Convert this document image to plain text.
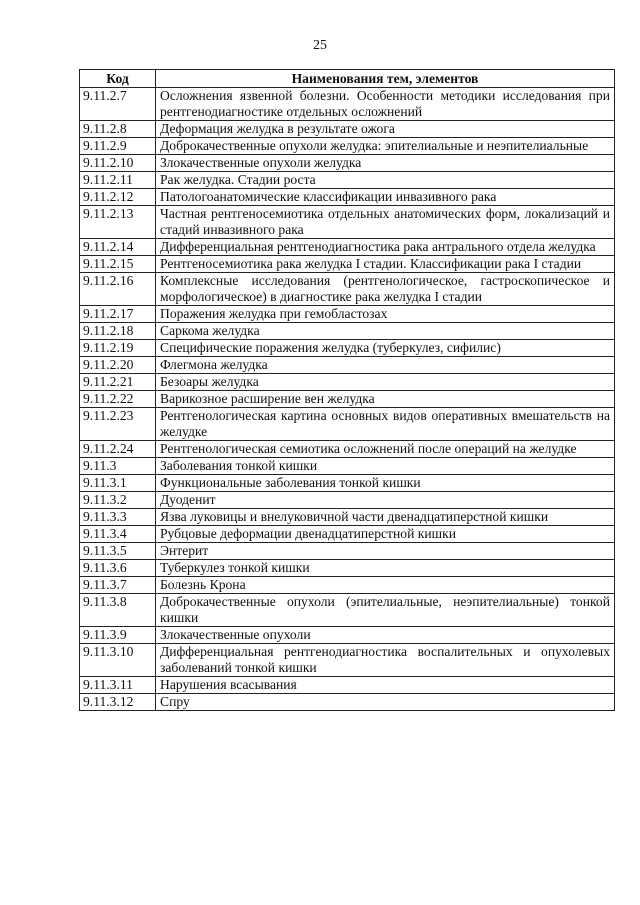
25
Код	Наименования тем, элементов
9.11.2.7	Осложнения язвенной болезни. Особенности методики исследования при рентгенодиагностике отдельных осложнений
9.11.2.8	Деформация желудка в результате ожога
9.11.2.9	Доброкачественные опухоли желудка: эпителиальные и неэпителиальные
9.11.2.10	Злокачественные опухоли желудка
9.11.2.11	Рак желудка. Стадии роста
9.11.2.12	Патологоанатомические классификации инвазивного рака
9.11.2.13	Частная рентгеносемиотика отдельных анатомических форм, локализаций и стадий инвазивного рака
9.11.2.14	Дифференциальная рентгенодиагностика рака антрального отдела желудка
9.11.2.15	Рентгеносемиотика рака желудка I стадии. Классификации рака I стадии
9.11.2.16	Комплексные исследования (рентгенологическое, гастроскопическое и морфологическое) в диагностике рака желудка I стадии
9.11.2.17	Поражения желудка при гемобластозах
9.11.2.18	Саркома желудка
9.11.2.19	Специфические поражения желудка (туберкулез, сифилис)
9.11.2.20	Флегмона желудка
9.11.2.21	Безоары желудка
9.11.2.22	Варикозное расширение вен желудка
9.11.2.23	Рентгенологическая картина основных видов оперативных вмешательств на желудке
9.11.2.24	Рентгенологическая семиотика осложнений после операций на желудке
9.11.3	Заболевания тонкой кишки
9.11.3.1	Функциональные заболевания тонкой кишки
9.11.3.2	Дуоденит
9.11.3.3	Язва луковицы и внелуковичной части двенадцатиперстной кишки
9.11.3.4	Рубцовые деформации двенадцатиперстной кишки
9.11.3.5	Энтерит
9.11.3.6	Туберкулез тонкой кишки
9.11.3.7	Болезнь Крона
9.11.3.8	Доброкачественные опухоли (эпителиальные, неэпителиальные) тонкой кишки
9.11.3.9	Злокачественные опухоли
9.11.3.10	Дифференциальная рентгенодиагностика воспалительных и опухолевых заболеваний тонкой кишки
9.11.3.11	Нарушения всасывания
9.11.3.12	Спру
